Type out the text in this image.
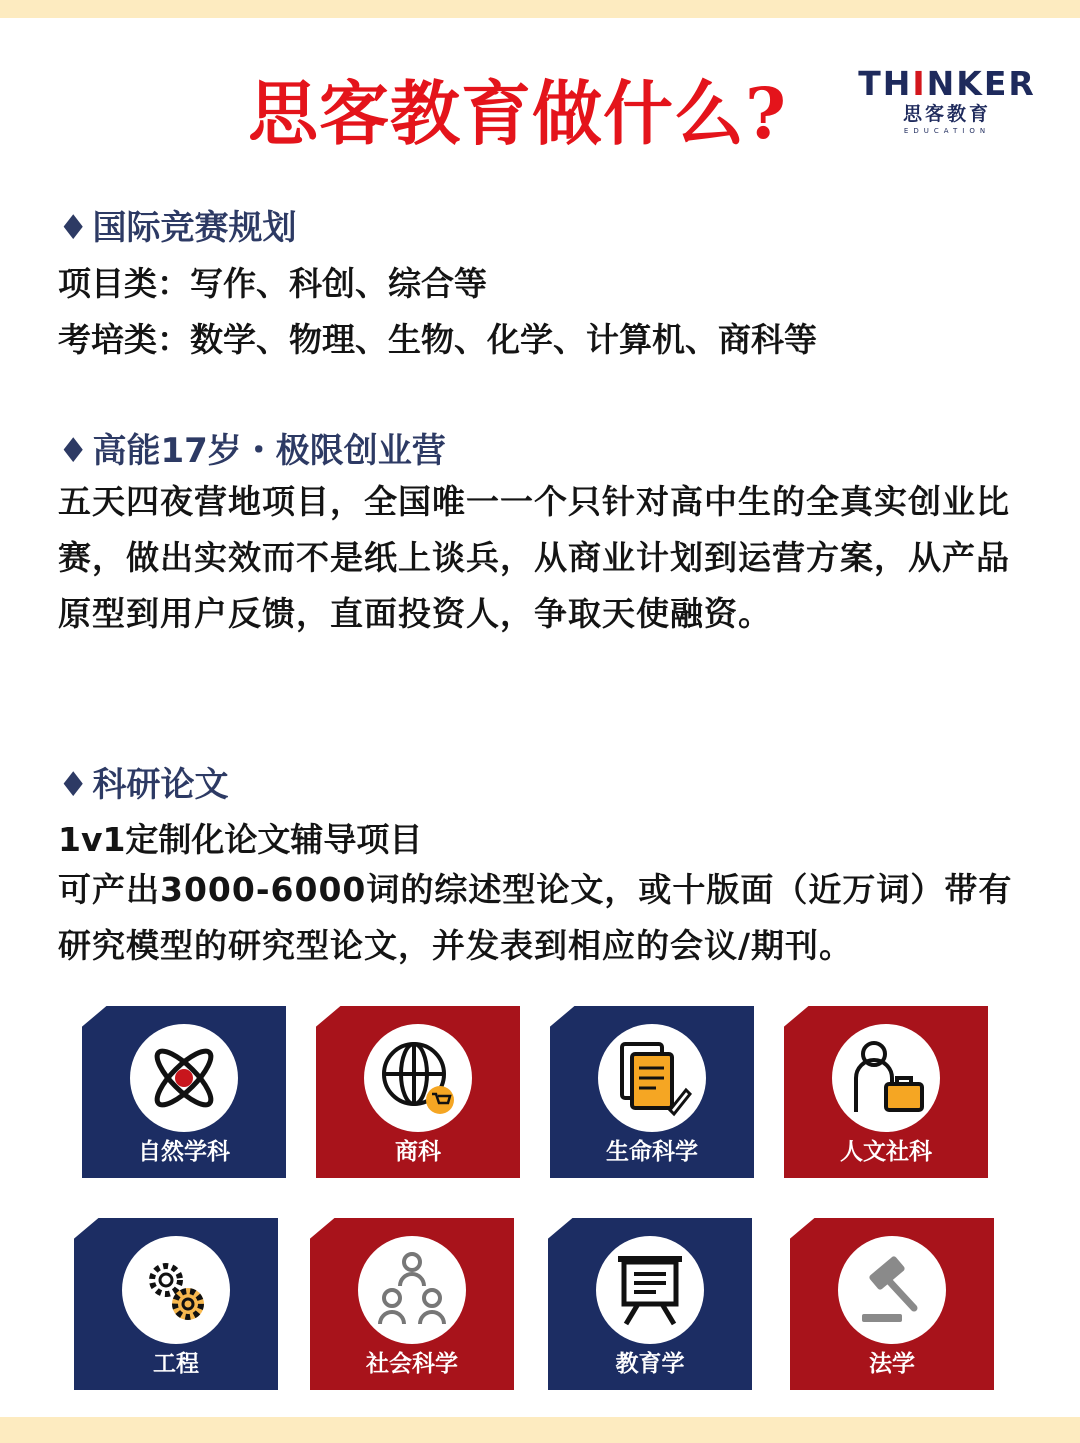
思客教育做什么? THINKER
思客教育
EDUCATION
♦ 国际竞赛规划
项目类：写作、科创、综合等
考培类：数学、物理、生物、化学、计算机、商科等
♦ 高能17岁・极限创业营
五天四夜营地项目，全国唯一一个只针对高中生的全真实创业比赛，做出实效而不是纸上谈兵，从商业计划到运营方案，从产品原型到用户反馈，直面投资人，争取天使融资。
♦ 科研论文
1v1定制化论文辅导项目
可产出3000-6000词的综述型论文，或十版面（近万词）带有研究模型的研究型论文，并发表到相应的会议/期刊。
自然学科	商科	生命科学	人文社科
工程	社会科学	教育学	法学
